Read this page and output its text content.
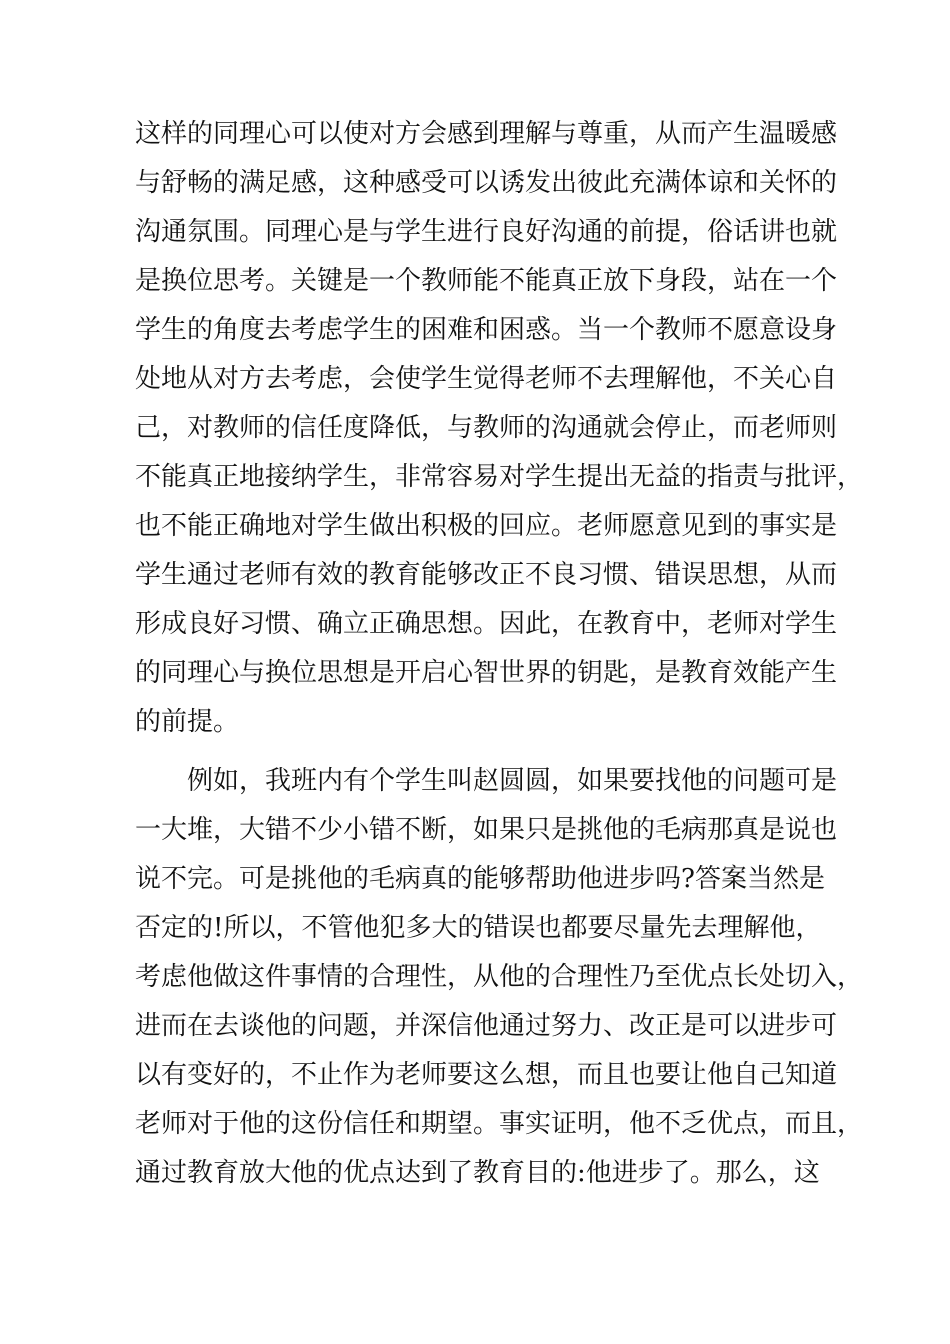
这样的同理心可以使对方会感到理解与尊重，从而产生温暖感
与舒畅的满足感，这种感受可以诱发出彼此充满体谅和关怀的
沟通氛围。同理心是与学生进行良好沟通的前提，俗话讲也就
是换位思考。关键是一个教师能不能真正放下身段，站在一个
学生的角度去考虑学生的困难和困惑。当一个教师不愿意设身
处地从对方去考虑，会使学生觉得老师不去理解他，不关心自
己，对教师的信任度降低，与教师的沟通就会停止，而老师则
不能真正地接纳学生，非常容易对学生提出无益的指责与批评，
也不能正确地对学生做出积极的回应。老师愿意见到的事实是
学生通过老师有效的教育能够改正不良习惯、错误思想，从而
形成良好习惯、确立正确思想。因此，在教育中，老师对学生
的同理心与换位思想是开启心智世界的钥匙，是教育效能产生
的前提。
例如，我班内有个学生叫赵圆圆，如果要找他的问题可是
一大堆，大错不少小错不断，如果只是挑他的毛病那真是说也
说不完。可是挑他的毛病真的能够帮助他进步吗?答案当然是
否定的!所以，不管他犯多大的错误也都要尽量先去理解他，
考虑他做这件事情的合理性，从他的合理性乃至优点长处切入，
进而在去谈他的问题，并深信他通过努力、改正是可以进步可
以有变好的，不止作为老师要这么想，而且也要让他自己知道
老师对于他的这份信任和期望。事实证明，他不乏优点，而且，
通过教育放大他的优点达到了教育目的:他进步了。那么，这
